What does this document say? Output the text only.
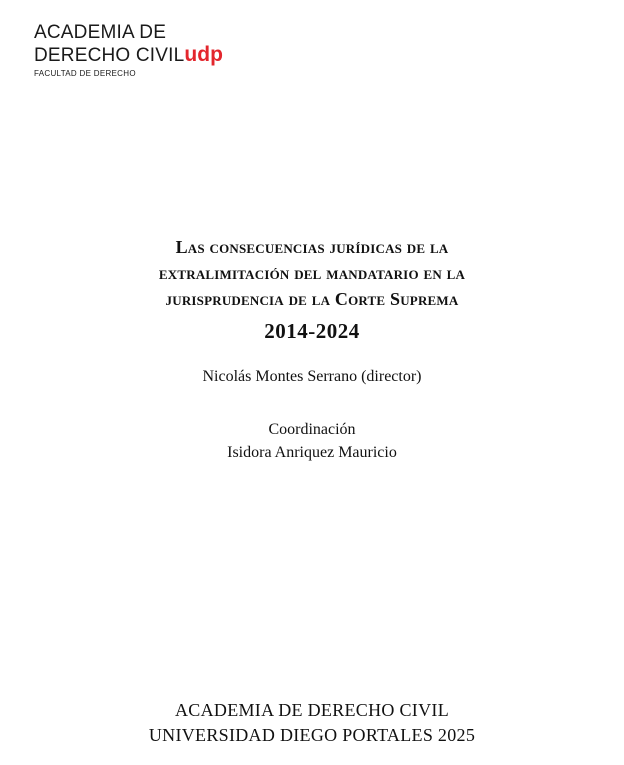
ACADEMIA DE
DERECHO CIVILudp
FACULTAD DE DERECHO
Las consecuencias jurídicas de la
extralimitación del mandatario en la
jurisprudencia de la Corte Suprema
2014-2024
Nicolás Montes Serrano (director)
Coordinación
Isidora Anriquez Mauricio
ACADEMIA DE DERECHO CIVIL
UNIVERSIDAD DIEGO PORTALES 2025
